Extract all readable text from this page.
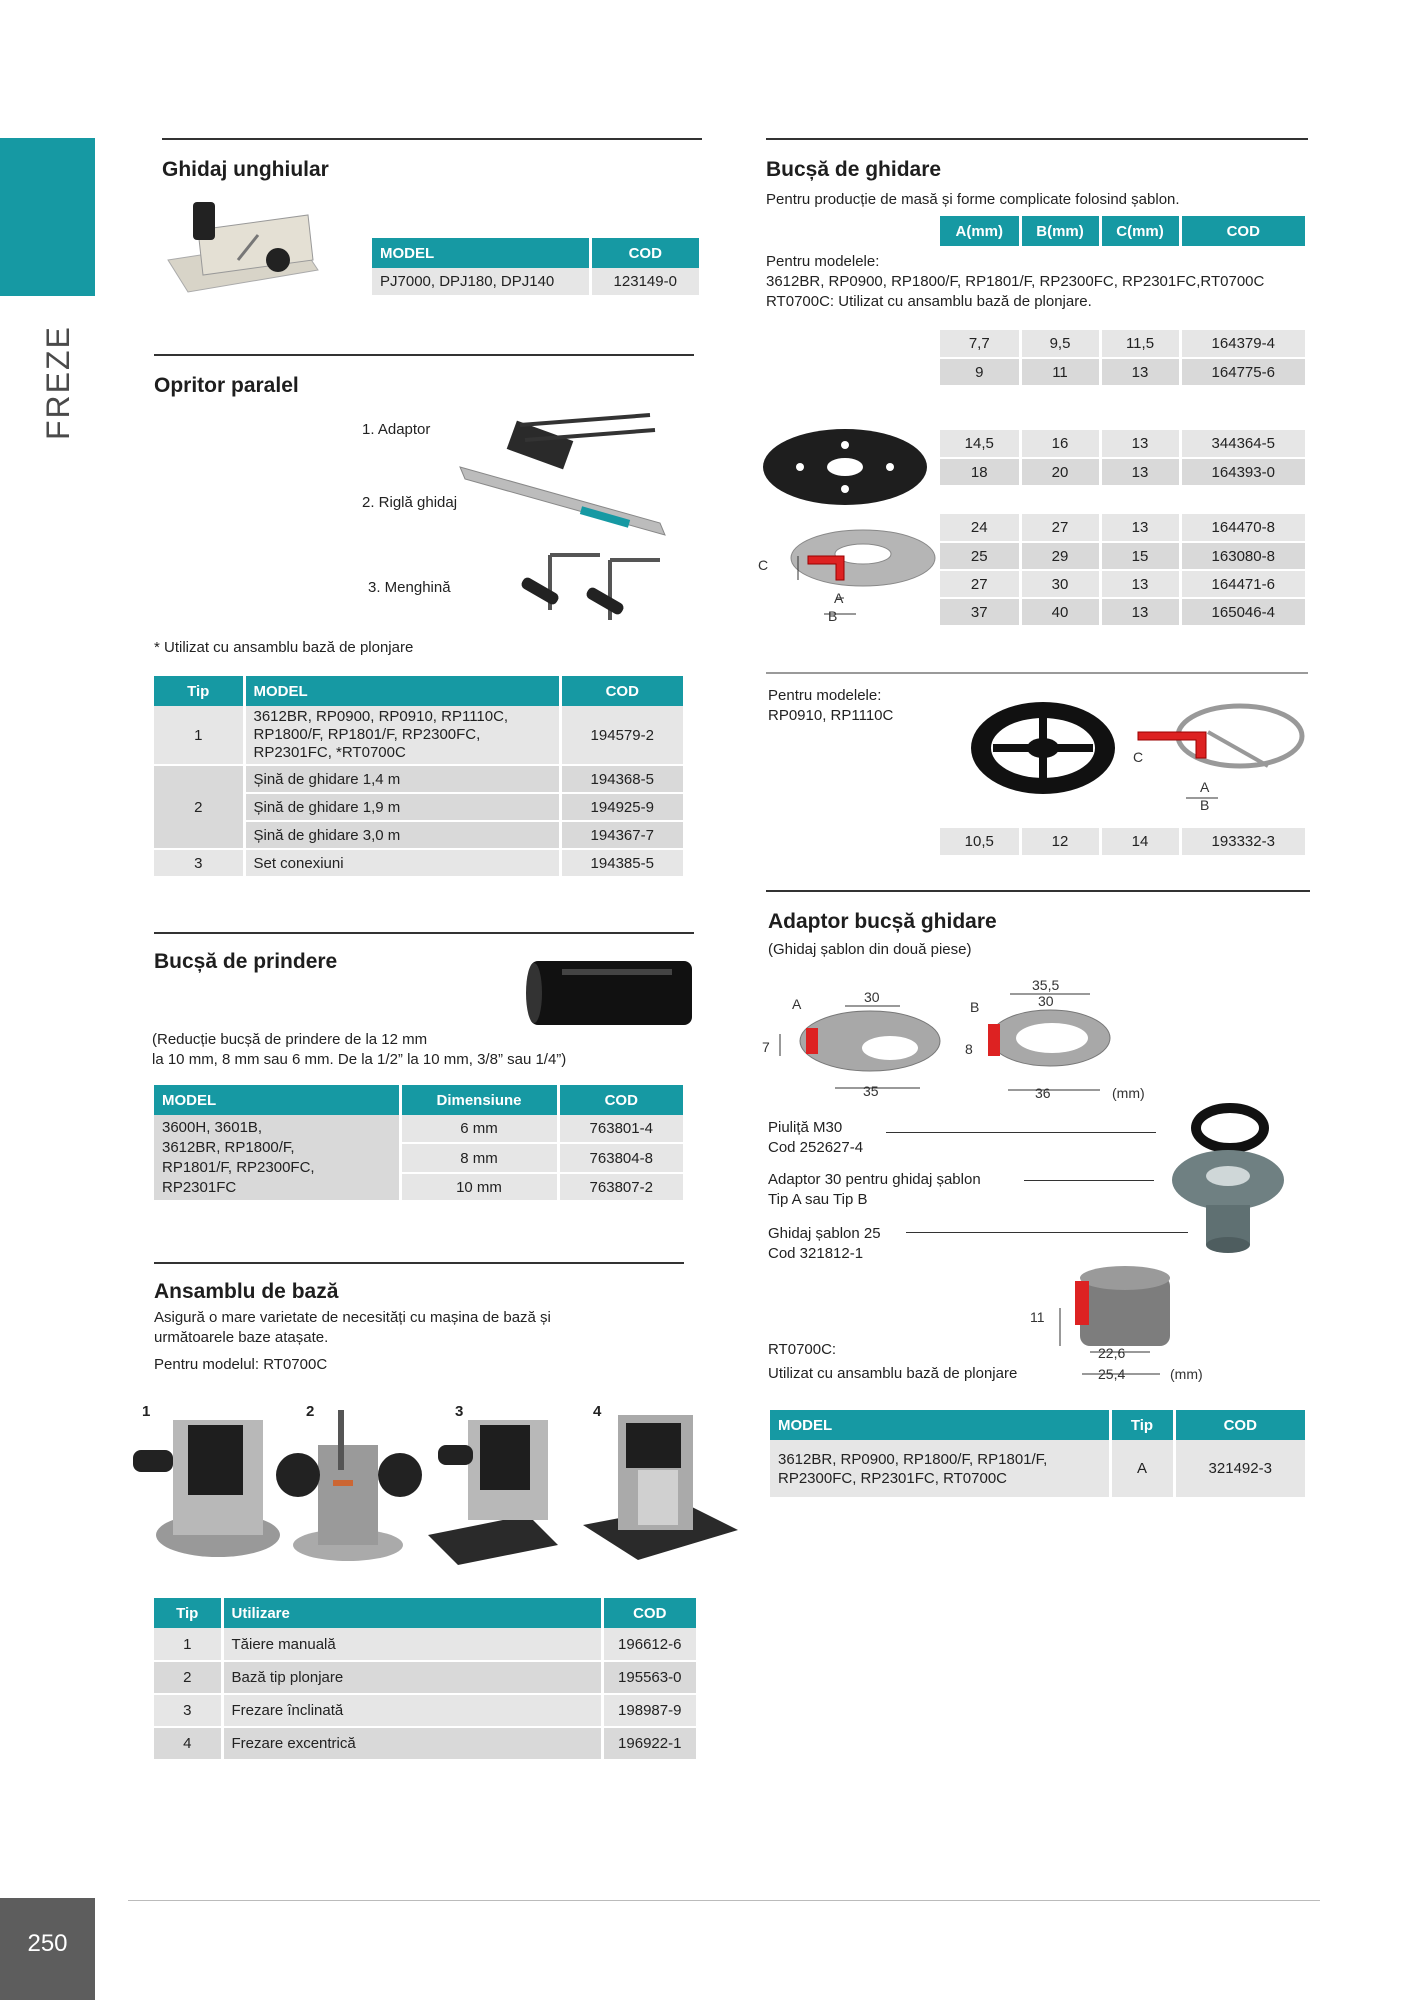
FREZE
250
Ghidaj unghiular
MODEL	COD
PJ7000, DPJ180, DPJ140	123149-0
Opritor paralel
1. Adaptor
2. Riglă ghidaj
3. Menghină
* Utilizat cu ansamblu bază de plonjare
Tip	MODEL	COD
1	3612BR, RP0900, RP0910, RP1110C,
RP1800/F, RP1801/F, RP2300FC,
RP2301FC, *RT0700C	194579-2
2	Șină de ghidare 1,4 m	194368-5
	Șină de ghidare 1,9 m	194925-9
	Șină de ghidare 3,0 m	194367-7
3	Set conexiuni	194385-5
Bucșă de prindere
(Reducție bucșă de prindere de la 12 mm
la 10 mm, 8 mm sau 6 mm. De la 1/2” la 10 mm, 3/8” sau 1/4”)
MODEL	Dimensiune	COD

3600H, 3601B,
3612BR, RP1800/F,
RP1801/F, RP2300FC,
RP2301FC	6 mm	763801-4
	8 mm	763804-8
	10 mm	763807-2
Ansamblu de bază
Asigură o mare varietate de necesități cu mașina de bază și
următoarele baze atașate.
Pentru modelul: RT0700C
1	2	3	4
Tip	Utilizare	COD
1	Tăiere manuală	196612-6
2	Bază tip plonjare	195563-0
3	Frezare înclinată	198987-9
4	Frezare excentrică	196922-1
Bucșă de ghidare
Pentru producție de masă și forme complicate folosind șablon.
A(mm)	B(mm)	C(mm)	COD
Pentru modelele:
3612BR, RP0900, RP1800/F, RP1801/F, RP2300FC, RP2301FC,RT0700C
RT0700C: Utilizat cu ansamblu bază de plonjare.
7,7	9,5	11,5	164379-4
9	11	13	164775-6
14,5	16	13	344364-5
18	20	13	164393-0
C
A
B
24	27	13	164470-8
25	29	15	163080-8
27	30	13	164471-6
37	40	13	165046-4
Pentru modelele:
RP0910, RP1110C
C
A
B
10,5	12	14	193332-3
Adaptor bucșă ghidare
(Ghidaj șablon din două piese)
A	30
7
35
B
35,5
30
8
36	(mm)
Piuliță M30
Cod 252627-4
Adaptor 30 pentru ghidaj șablon
Tip A sau Tip B
Ghidaj șablon 25
Cod 321812-1
11
22,6
25,4	(mm)
RT0700C:
Utilizat cu ansamblu bază de plonjare
MODEL	Tip	COD

3612BR, RP0900, RP1800/F, RP1801/F,
RP2300FC, RP2301FC, RT0700C	A	321492-3
